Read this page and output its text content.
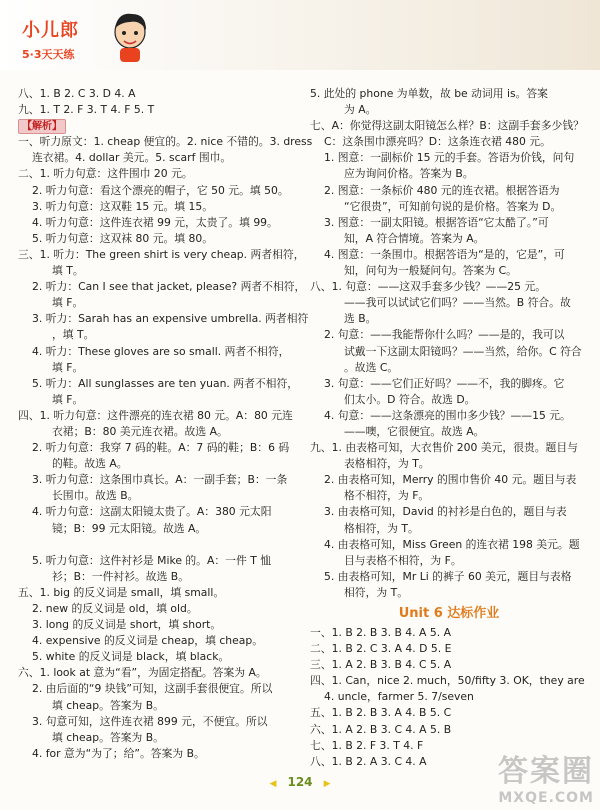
小儿郎
5·3天天练
八、1. B 2. C 3. D 4. A
九、1. T 2. F 3. T 4. F 5. T
【解析】
一、听力原文：1. cheap 便宜的。2. nice 不错的。3. dress
连衣裙。4. dollar 美元。5. scarf 围巾。
二、1. 听力句意：这件围巾 20 元。
2. 听力句意：看这个漂亮的帽子，它 50 元。填 50。
3. 听力句意：这双鞋 15 元。填 15。
4. 听力句意：这件连衣裙 99 元，太贵了。填 99。
5. 听力句意：这双袜 80 元。填 80。
三、1. 听力：The green shirt is very cheap. 两者相符，
填 T。
2. 听力：Can I see that jacket, please? 两者不相符，
填 F。
3. 听力：Sarah has an expensive umbrella. 两者相符
，填 T。
4. 听力：These gloves are so small. 两者不相符，
填 F。
5. 听力：All sunglasses are ten yuan. 两者不相符，
填 F。
四、1. 听力句意：这件漂亮的连衣裙 80 元。A：80 元连
衣裙；B：80 美元连衣裙。故选 A。
2. 听力句意：我穿 7 码的鞋。A：7 码的鞋；B：6 码
的鞋。故选 A。
3. 听力句意：这条围巾真长。A：一副手套；B：一条
长围巾。故选 B。
4. 听力句意：这副太阳镜太贵了。A：380 元太阳
镜；B：99 元太阳镜。故选 A。
5. 听力句意：这件衬衫是 Mike 的。A：一件 T 恤
衫；B：一件衬衫。故选 B。
五、1. big 的反义词是 small，填 small。
2. new 的反义词是 old，填 old。
3. long 的反义词是 short，填 short。
4. expensive 的反义词是 cheap，填 cheap。
5. white 的反义词是 black，填 black。
六、1. look at 意为“看”，为固定搭配。答案为 A。
2. 由后面的“9 块钱”可知，这副手套很便宜。所以
填 cheap。答案为 B。
3. 句意可知，这件连衣裙 899 元，不便宜。所以
填 cheap。答案为 B。
4. for 意为“为了；给”。答案为 B。
5. 此处的 phone 为单数，故 be 动词用 is。答案
为 A。
七、A：你觉得这副太阳镜怎么样？B：这副手套多少钱？
C：这条围巾漂亮吗？D：这条连衣裙 480 元。
1. 图意：一副标价 15 元的手套。答语为价钱，问句
应为询问价格。答案为 B。
2. 图意：一条标价 480 元的连衣裙。根据答语为
“它很贵”，可知前句说的是价格。答案为 D。
3. 图意：一副太阳镜。根据答语“它太酷了。”可
知，A 符合情境。答案为 A。
4. 图意：一条围巾。根据答语为“是的，它是”，可
知，问句为一般疑问句。答案为 C。
八、1. 句意：——这双手套多少钱？——25 元。
——我可以试试它们吗？——当然。B 符合。故
选 B。
2. 句意：——我能帮你什么吗？——是的，我可以
试戴一下这副太阳镜吗？——当然，给你。C 符合
。故选 C。
3. 句意：——它们正好吗？——不，我的脚疼。它
们太小。D 符合。故选 D。
4. 句意：——这条漂亮的围巾多少钱？——15 元。
——噢，它很便宜。故选 A。
九、1. 由表格可知，大衣售价 200 美元，很贵。题目与
表格相符，为 T。
2. 由表格可知，Merry 的围巾售价 40 元。题目与表
格不相符，为 F。
3. 由表格可知，David 的衬衫是白色的，题目与表
格相符，为 T。
4. 由表格可知，Miss Green 的连衣裙 198 美元。题
目与表格不相符，为 F。
5. 由表格可知，Mr Li 的裤子 60 美元，题目与表格
相符，为 T。
Unit 6 达标作业
一、1. B 2. B 3. B 4. A 5. A
二、1. B 2. C 3. A 4. D 5. E
三、1. A 2. B 3. B 4. C 5. A
四、1. Can，nice 2. much，50/fifty 3. OK，they are
4. uncle，farmer 5. 7/seven
五、1. B 2. B 3. A 4. B 5. C
六、1. A 2. B 3. C 4. A 5. B
七、1. B 2. F 3. T 4. F
八、1. B 2. A 3. C 4. A
◀ 124 ▶	答案圈
MXQE.COM
